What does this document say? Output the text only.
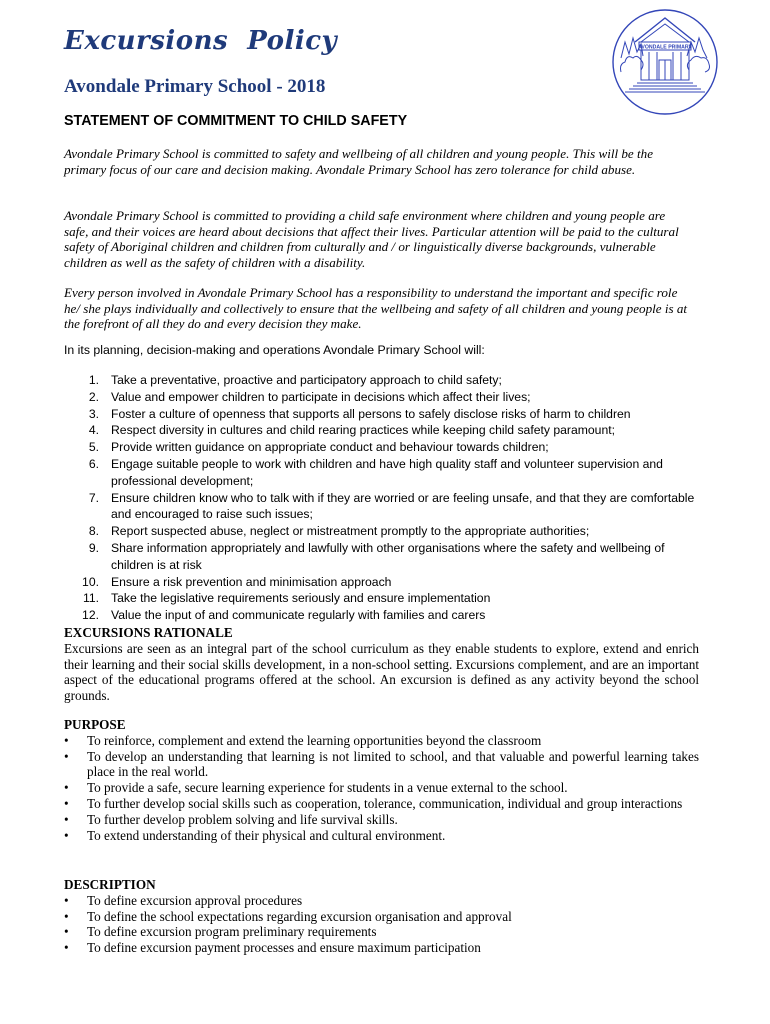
Excursions  Policy
Avondale Primary School - 2018
AVONDALE PRIMARY
STATEMENT OF COMMITMENT TO CHILD SAFETY

Avondale Primary School is committed to safety and wellbeing of all children and young people. This will be the primary focus of our care and decision making. Avondale Primary School has zero tolerance for child abuse.

Avondale Primary School is committed to providing a child safe environment where children and young people are safe, and their voices are heard about decisions that affect their lives. Particular attention will be paid to the cultural safety of Aboriginal children and children from culturally and / or linguistically diverse backgrounds, vulnerable children as well as the safety of children with a disability.

Every person involved in Avondale Primary School has a responsibility to understand the important and specific role he/ she plays individually and collectively to ensure that the wellbeing and safety of all children and young people is at the forefront of all they do and every decision they make.

In its planning, decision-making and operations Avondale Primary School will:

1. Take a preventative, proactive and participatory approach to child safety;
2. Value and empower children to participate in decisions which affect their lives;
3. Foster a culture of openness that supports all persons to safely disclose risks of harm to children
4. Respect diversity in cultures and child rearing practices while keeping child safety paramount;
5. Provide written guidance on appropriate conduct and behaviour towards children;
6. Engage suitable people to work with children and have high quality staff and volunteer supervision and professional development;
7. Ensure children know who to talk with if they are worried or are feeling unsafe, and that they are comfortable and encouraged to raise such issues;
8. Report suspected abuse, neglect or mistreatment promptly to the appropriate authorities;
9. Share information appropriately and lawfully with other organisations where the safety and wellbeing of children is at risk
10. Ensure a risk prevention and minimisation approach
11. Take the legislative requirements seriously and ensure implementation
12. Value the input of and communicate regularly with families and carers
EXCURSIONS RATIONALE

Excursions are seen as an integral part of the school curriculum as they enable students to explore, extend and enrich their learning and their social skills development, in a non-school setting. Excursions complement, and are an important aspect of the educational programs offered at the school. An excursion is defined as any activity beyond the school grounds.

PURPOSE
• To reinforce, complement and extend the learning opportunities beyond the classroom
• To develop an understanding that learning is not limited to school, and that valuable and powerful learning takes place in the real world.
• To provide a safe, secure learning experience for students in a venue external to the school.
• To further develop social skills such as cooperation, tolerance, communication, individual and group interactions
• To further develop problem solving and life survival skills.
• To extend understanding of their physical and cultural environment.
DESCRIPTION
• To define excursion approval procedures
• To define the school expectations regarding excursion organisation and approval
• To define excursion program preliminary requirements
• To define excursion payment processes and ensure maximum participation
